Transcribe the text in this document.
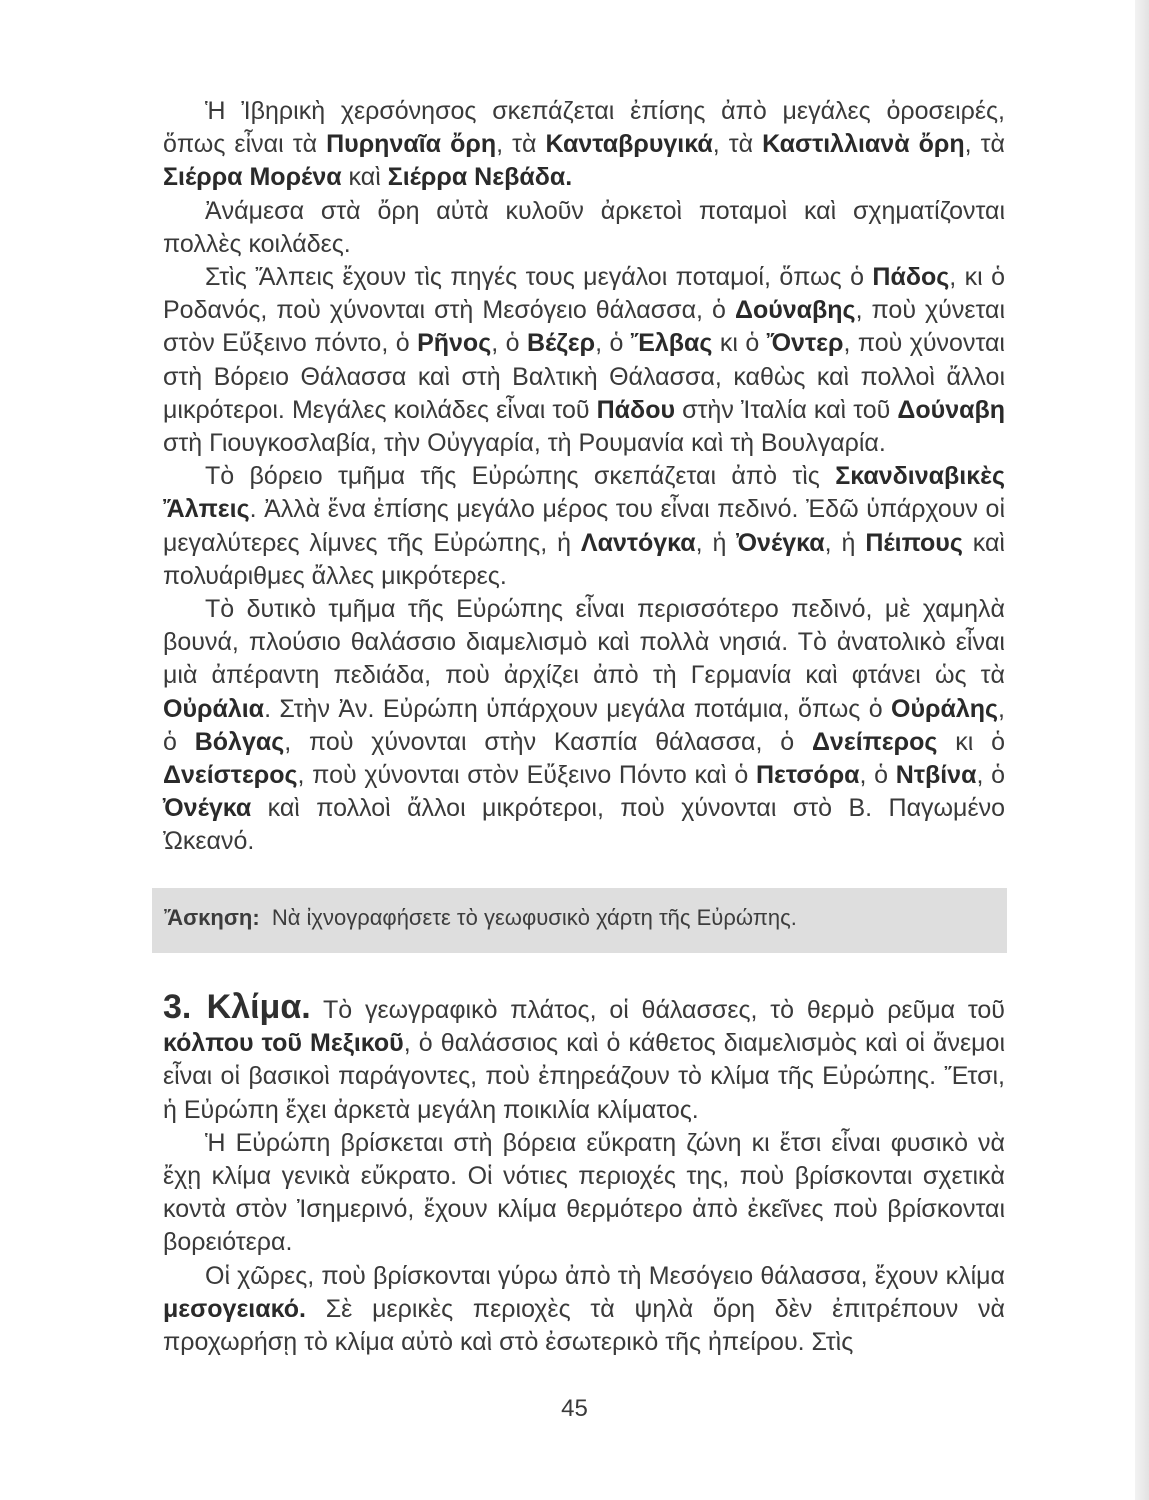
Ἡ Ἰβηρικὴ χερσόνησος σκεπάζεται ἐπίσης ἀπὸ μεγάλες ὀροσειρές, ὅπως εἶναι τὰ Πυρηναῖα ὄρη, τὰ Κανταβρυγικά, τὰ Καστιλλιανὰ ὄρη, τὰ Σιέρρα Μορένα καὶ Σιέρρα Νεβάδα.

Ἀνάμεσα στὰ ὄρη αὐτὰ κυλοῦν ἀρκετοὶ ποταμοὶ καὶ σχηματίζονται πολλὲς κοιλάδες.

Στὶς Ἄλπεις ἔχουν τὶς πηγές τους μεγάλοι ποταμοί, ὅπως ὁ Πάδος, κι ὁ Ροδανός, ποὺ χύνονται στὴ Μεσόγειο θάλασσα, ὁ Δούναβης, ποὺ χύνεται στὸν Εὔξεινο πόντο, ὁ Ρῆνος, ὁ Βέζερ, ὁ Ἔλβας κι ὁ Ὄντερ, ποὺ χύνονται στὴ Βόρειο Θάλασσα καὶ στὴ Βαλτικὴ Θάλασσα, καθὼς καὶ πολλοὶ ἄλλοι μικρότεροι. Μεγάλες κοιλάδες εἶναι τοῦ Πάδου στὴν Ἰταλία καὶ τοῦ Δούναβη στὴ Γιουγκοσλαβία, τὴν Οὐγγαρία, τὴ Ρουμανία καὶ τὴ Βουλγαρία.

Τὸ βόρειο τμῆμα τῆς Εὐρώπης σκεπάζεται ἀπὸ τὶς Σκανδιναβικὲς Ἄλπεις. Ἀλλὰ ἕνα ἐπίσης μεγάλο μέρος του εἶναι πεδινό. Ἐδῶ ὑπάρχουν οἱ μεγαλύτερες λίμνες τῆς Εὐρώπης, ἡ Λαντόγκα, ἡ Ὀνέγκα, ἡ Πέιπους καὶ πολυάριθμες ἄλλες μικρότερες.

Τὸ δυτικὸ τμῆμα τῆς Εὐρώπης εἶναι περισσότερο πεδινό, μὲ χαμηλὰ βουνά, πλούσιο θαλάσσιο διαμελισμὸ καὶ πολλὰ νησιά. Τὸ ἀνατολικὸ εἶναι μιὰ ἀπέραντη πεδιάδα, ποὺ ἀρχίζει ἀπὸ τὴ Γερμανία καὶ φτάνει ὡς τὰ Οὐράλια. Στὴν Ἀν. Εὐρώπη ὑπάρχουν μεγάλα ποτάμια, ὅπως ὁ Οὐράλης, ὁ Βόλγας, ποὺ χύνονται στὴν Κασπία θάλασσα, ὁ Δνείπερος κι ὁ Δνείστερος, ποὺ χύνονται στὸν Εὔξεινο Πόντο καὶ ὁ Πετσόρα, ὁ Ντβίνα, ὁ Ὀνέγκα καὶ πολλοὶ ἄλλοι μικρότεροι, ποὺ χύνονται στὸ Β. Παγωμένο Ὠκεανό.

Ἄσκηση: Νὰ ἰχνογραφήσετε τὸ γεωφυσικὸ χάρτη τῆς Εὐρώπης.

3. Κλίμα. Τὸ γεωγραφικὸ πλάτος, οἱ θάλασσες, τὸ θερμὸ ρεῦμα τοῦ κόλπου τοῦ Μεξικοῦ, ὁ θαλάσσιος καὶ ὁ κάθετος διαμελισμὸς καὶ οἱ ἄνεμοι εἶναι οἱ βασικοὶ παράγοντες, ποὺ ἐπηρεάζουν τὸ κλίμα τῆς Εὐρώπης. Ἔτσι, ἡ Εὐρώπη ἔχει ἀρκετὰ μεγάλη ποικιλία κλίματος.

Ἡ Εὐρώπη βρίσκεται στὴ βόρεια εὔκρατη ζώνη κι ἔτσι εἶναι φυσικὸ νὰ ἔχῃ κλίμα γενικὰ εὔκρατο. Οἱ νότιες περιοχές της, ποὺ βρίσκονται σχετικὰ κοντὰ στὸν Ἰσημερινό, ἔχουν κλίμα θερμότερο ἀπὸ ἐκεῖνες ποὺ βρίσκονται βορειότερα.

Οἱ χῶρες, ποὺ βρίσκονται γύρω ἀπὸ τὴ Μεσόγειο θάλασσα, ἔχουν κλίμα μεσογειακό. Σὲ μερικὲς περιοχὲς τὰ ψηλὰ ὄρη δὲν ἐπιτρέπουν νὰ προχωρήσῃ τὸ κλίμα αὐτὸ καὶ στὸ ἐσωτερικὸ τῆς ἠπείρου. Στὶς

45
